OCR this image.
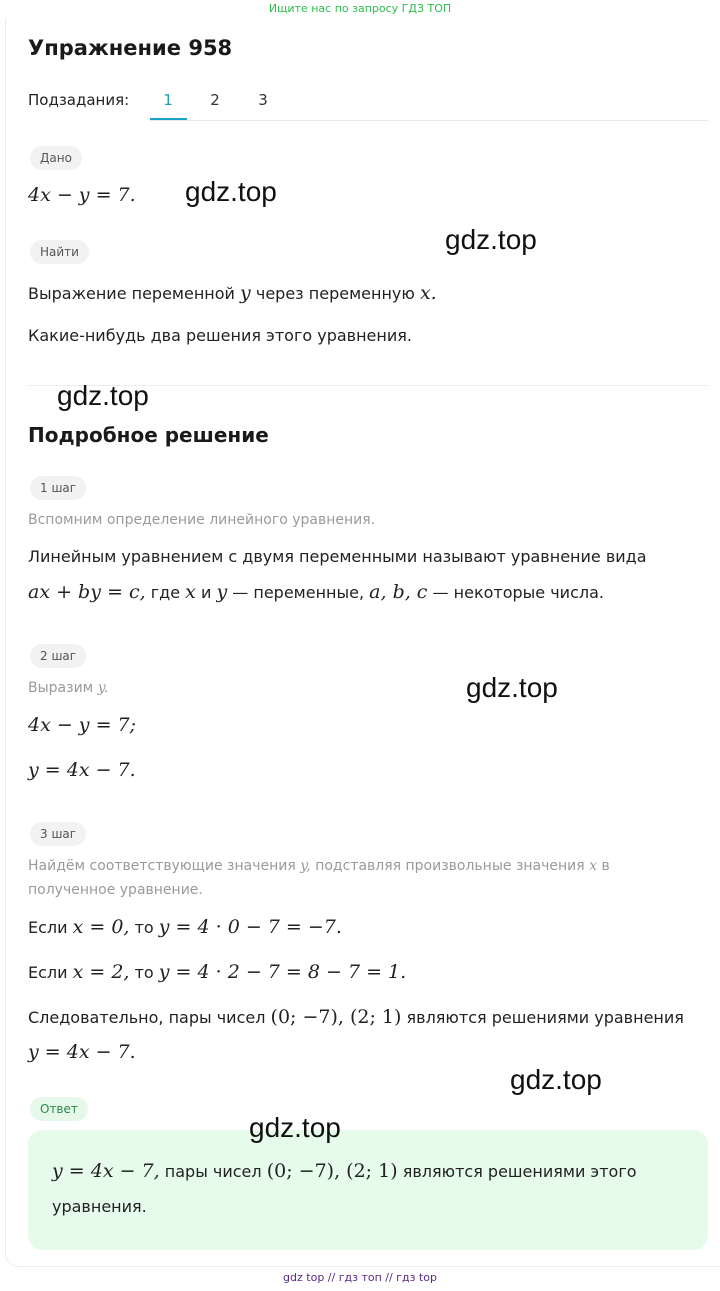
Ищите нас по запросу ГДЗ ТОП
Упражнение 958
Подзадания:	1	2	3
Дано
4x − y = 7.
Найти
Выражение переменной y через переменную x.
Какие-нибудь два решения этого уравнения.
Подробное решение
1 шаг
Вспомним определение линейного уравнения.
Линейным уравнением с двумя переменными называют уравнение вида
ax + by = c, где x и y — переменные, a, b, c — некоторые числа.
2 шаг
Выразим y.
4x − y = 7;
y = 4x − 7.
3 шаг
Найдём соответствующие значения y, подставляя произвольные значения x в
полученное уравнение.
Если x = 0, то y = 4 · 0 − 7 = −7.
Если x = 2, то y = 4 · 2 − 7 = 8 − 7 = 1.
Следовательно, пары чисел (0; −7), (2; 1) являются решениями уравнения
y = 4x − 7.
Ответ
y = 4x − 7, пары чисел (0; −7), (2; 1) являются решениями этого
уравнения.
gdz.top
gdz.top
gdz.top
gdz.top
gdz.top
gdz.top
gdz top // гдз топ // гдз top
